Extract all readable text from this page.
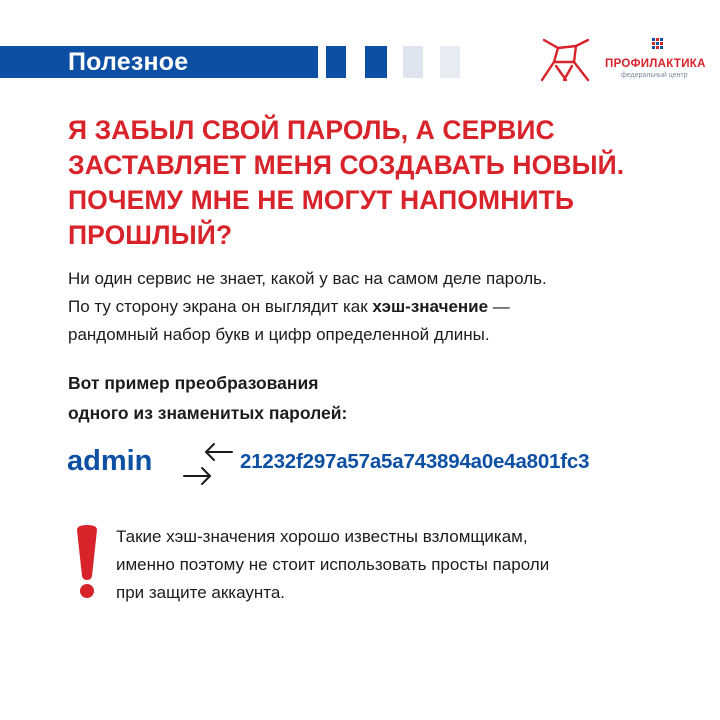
Полезное	ПРОФИЛАКТИКА
федеральный центр
Я ЗАБЫЛ СВОЙ ПАРОЛЬ, А СЕРВИС
ЗАСТАВЛЯЕТ МЕНЯ СОЗДАВАТЬ НОВЫЙ.
ПОЧЕМУ МНЕ НЕ МОГУТ НАПОМНИТЬ
ПРОШЛЫЙ?
Ни один сервис не знает, какой у вас на самом деле пароль.
По ту сторону экрана он выглядит как хэш-значение —
рандомный набор букв и цифр определенной длины.
Вот пример преобразования
одного из знаменитых паролей:
admin	21232f297a57a5a743894a0e4a801fc3
Такие хэш-значения хорошо известны взломщикам,
именно поэтому не стоит использовать просты пароли
при защите аккаунта.
